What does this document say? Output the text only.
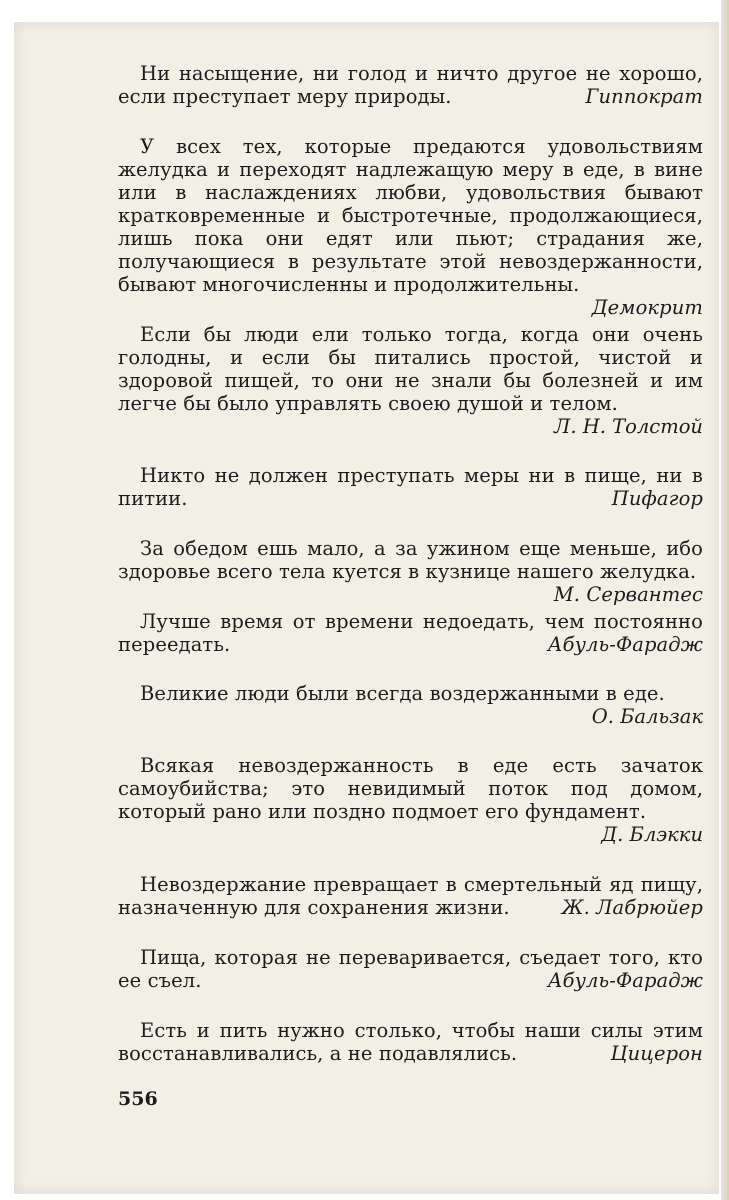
Ни насыщение, ни голод и ничто другое не хорошо, если преступает меру природы.	Гиппократ

У всех тех, которые предаются удовольствиям желудка и переходят надлежащую меру в еде, в вине или в наслаждениях любви, удовольствия бывают кратковременные и быстротечные, продолжающиеся, лишь пока они едят или пьют; страдания же, получающиеся в результате этой невоздержанности, бывают многочисленны и продолжительны.
Демокрит

Если бы люди ели только тогда, когда они очень голодны, и если бы питались простой, чистой и здоровой пищей, то они не знали бы болезней и им легче бы было управлять своею душой и телом.

Л. Н. Толстой

Никто не должен преступать меры ни в пище, ни в питии.	Пифагор

За обедом ешь мало, а за ужином еще меньше, ибо здоровье всего тела куется в кузнице нашего желудка.
М. Сервантес

Лучше время от времени недоедать, чем постоянно переедать.	Абуль-Фарадж

Великие люди были всегда воздержанными в еде.

О. Бальзак

Всякая невоздержанность в еде есть зачаток самоубийства; это невидимый поток под домом, который рано или поздно подмоет его фундамент.

Д. Блэкки

Невоздержание превращает в смертельный яд пищу, назначенную для сохранения жизни.	Ж. Лабрюйер

Пища, которая не переваривается, съедает того, кто ее съел.	Абуль-Фарадж

Есть и пить нужно столько, чтобы наши силы этим восстанавливались, а не подавлялись.	Цицерон

556
